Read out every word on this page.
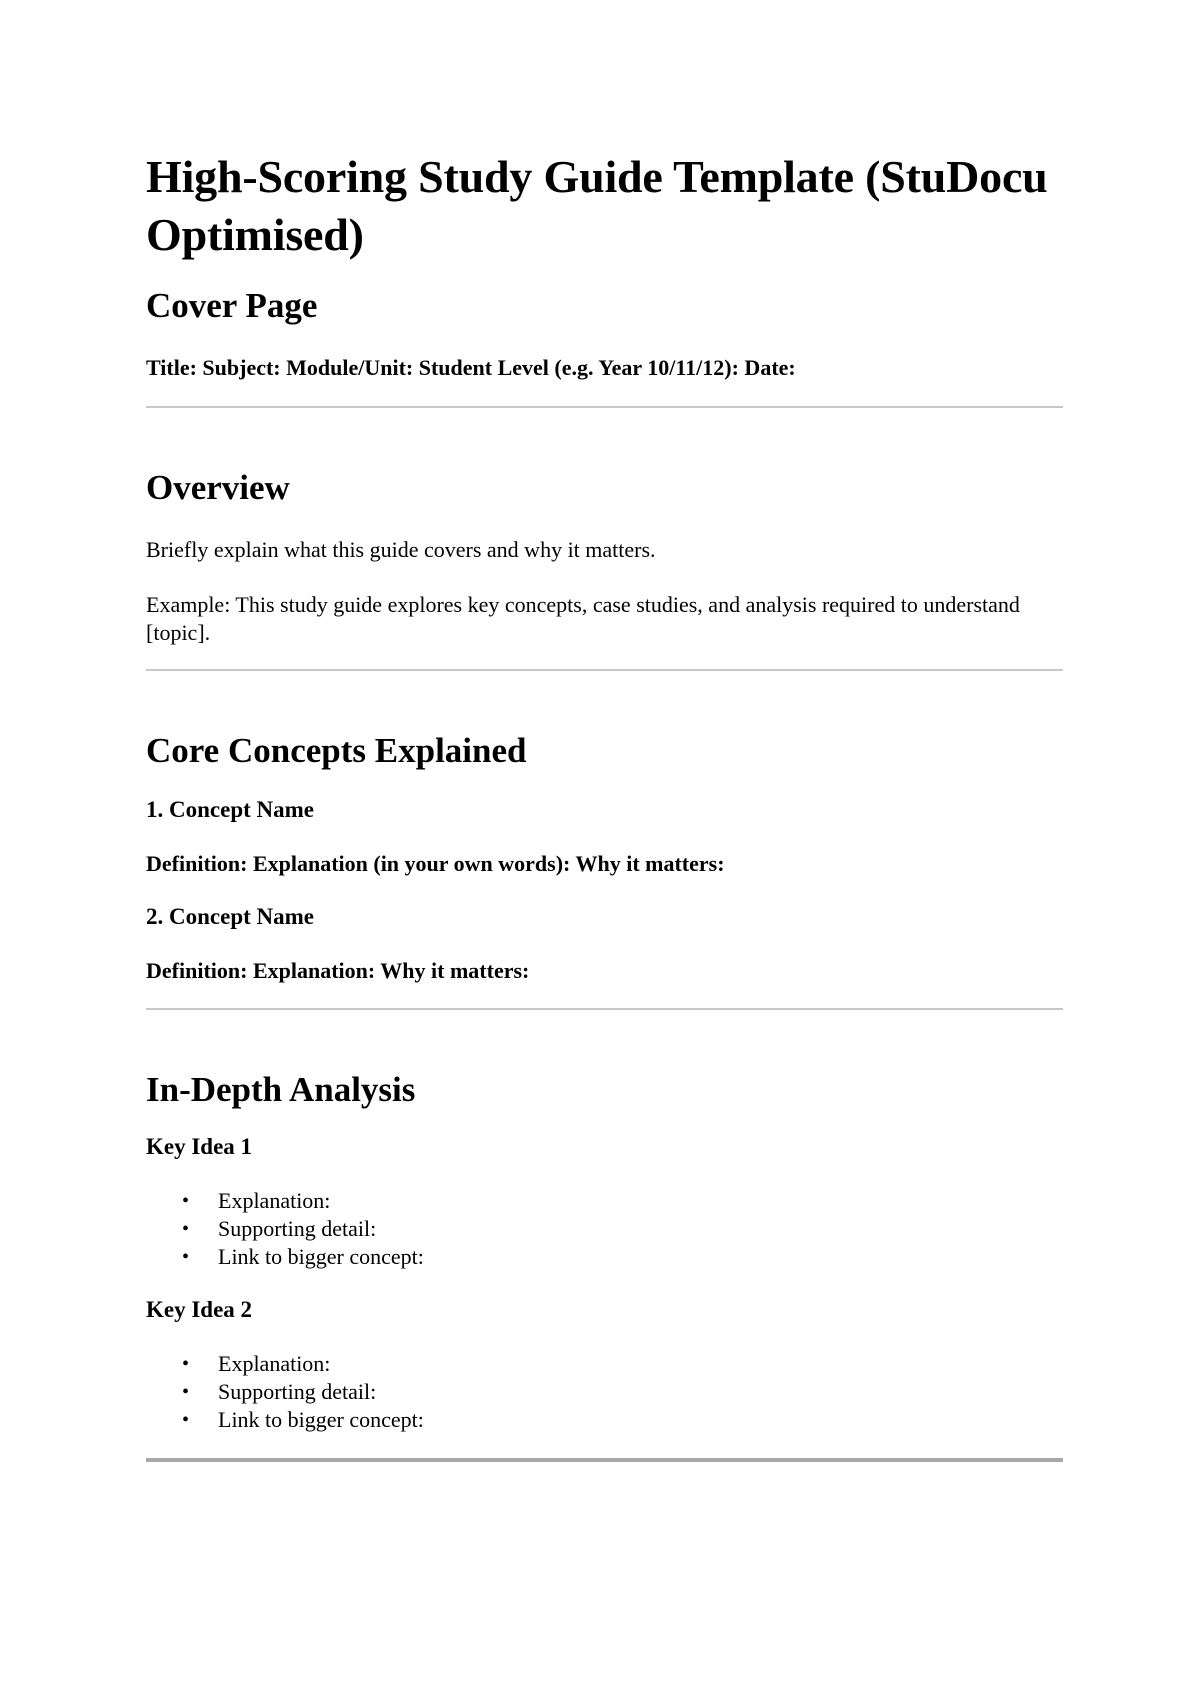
High-Scoring Study Guide Template (StuDocu Optimised)
Cover Page

Title: Subject: Module/Unit: Student Level (e.g. Year 10/11/12): Date:

Overview

Briefly explain what this guide covers and why it matters.

Example: This study guide explores key concepts, case studies, and analysis required to understand [topic].

Core Concepts Explained
1. Concept Name

Definition: Explanation (in your own words): Why it matters:

2. Concept Name

Definition: Explanation: Why it matters:

In-Depth Analysis
Key Idea 1
• Explanation:
• Supporting detail:
• Link to bigger concept:
Key Idea 2
• Explanation:
• Supporting detail:
• Link to bigger concept:
